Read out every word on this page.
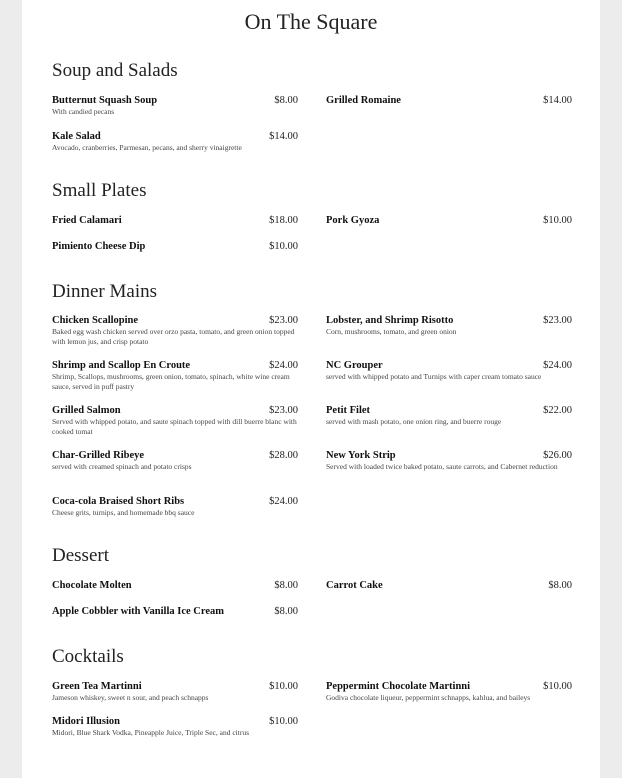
On The Square
Soup and Salads
Butternut Squash Soup	$8.00
With candied pecans
Grilled Romaine	$14.00
Kale Salad	$14.00
Avocado, cranberries, Parmesan, pecans, and sherry vinaigrette
Small Plates
Fried Calamari	$18.00	Pork Gyoza	$10.00
Pimiento Cheese Dip	$10.00
Dinner Mains
Chicken Scallopine	$23.00
Baked egg wash chicken served over orzo pasta, tomato, and green onion topped with lemon jus, and crisp potato
Lobster, and Shrimp Risotto	$23.00
Corn, mushrooms, tomato, and green onion
Shrimp and Scallop En Croute	$24.00
Shrimp, Scallops, mushrooms, green onion, tomato, spinach, white wine cream sauce, served in puff pastry
NC Grouper	$24.00
served with whipped potato and Turnips with caper cream tomato sauce
Grilled Salmon	$23.00
Served with whipped potato, and saute spinach topped with dill buerre blanc with cooked tomat
Petit Filet	$22.00
served with mash potato, one onion ring, and buerre rouge
Char-Grilled Ribeye	$28.00
served with creamed spinach and potato crisps
New York Strip	$26.00
Served with loaded twice baked potato, saute carrots, and Cabernet reduction
Coca-cola Braised Short Ribs	$24.00
Cheese grits, turnips, and homemade bbq sauce
Dessert
Chocolate Molten	$8.00	Carrot Cake	$8.00
Apple Cobbler with Vanilla Ice Cream	$8.00
Cocktails
Green Tea Martinni	$10.00
Jameson whiskey, sweet n sour, and peach schnapps
Peppermint Chocolate Martinni	$10.00
Godiva chocolate liqueur, peppermint schnapps, kahlua, and baileys
Midori Illusion	$10.00
Midori, Blue Shark Vodka, Pineapple Juice, Triple Sec, and citrus
